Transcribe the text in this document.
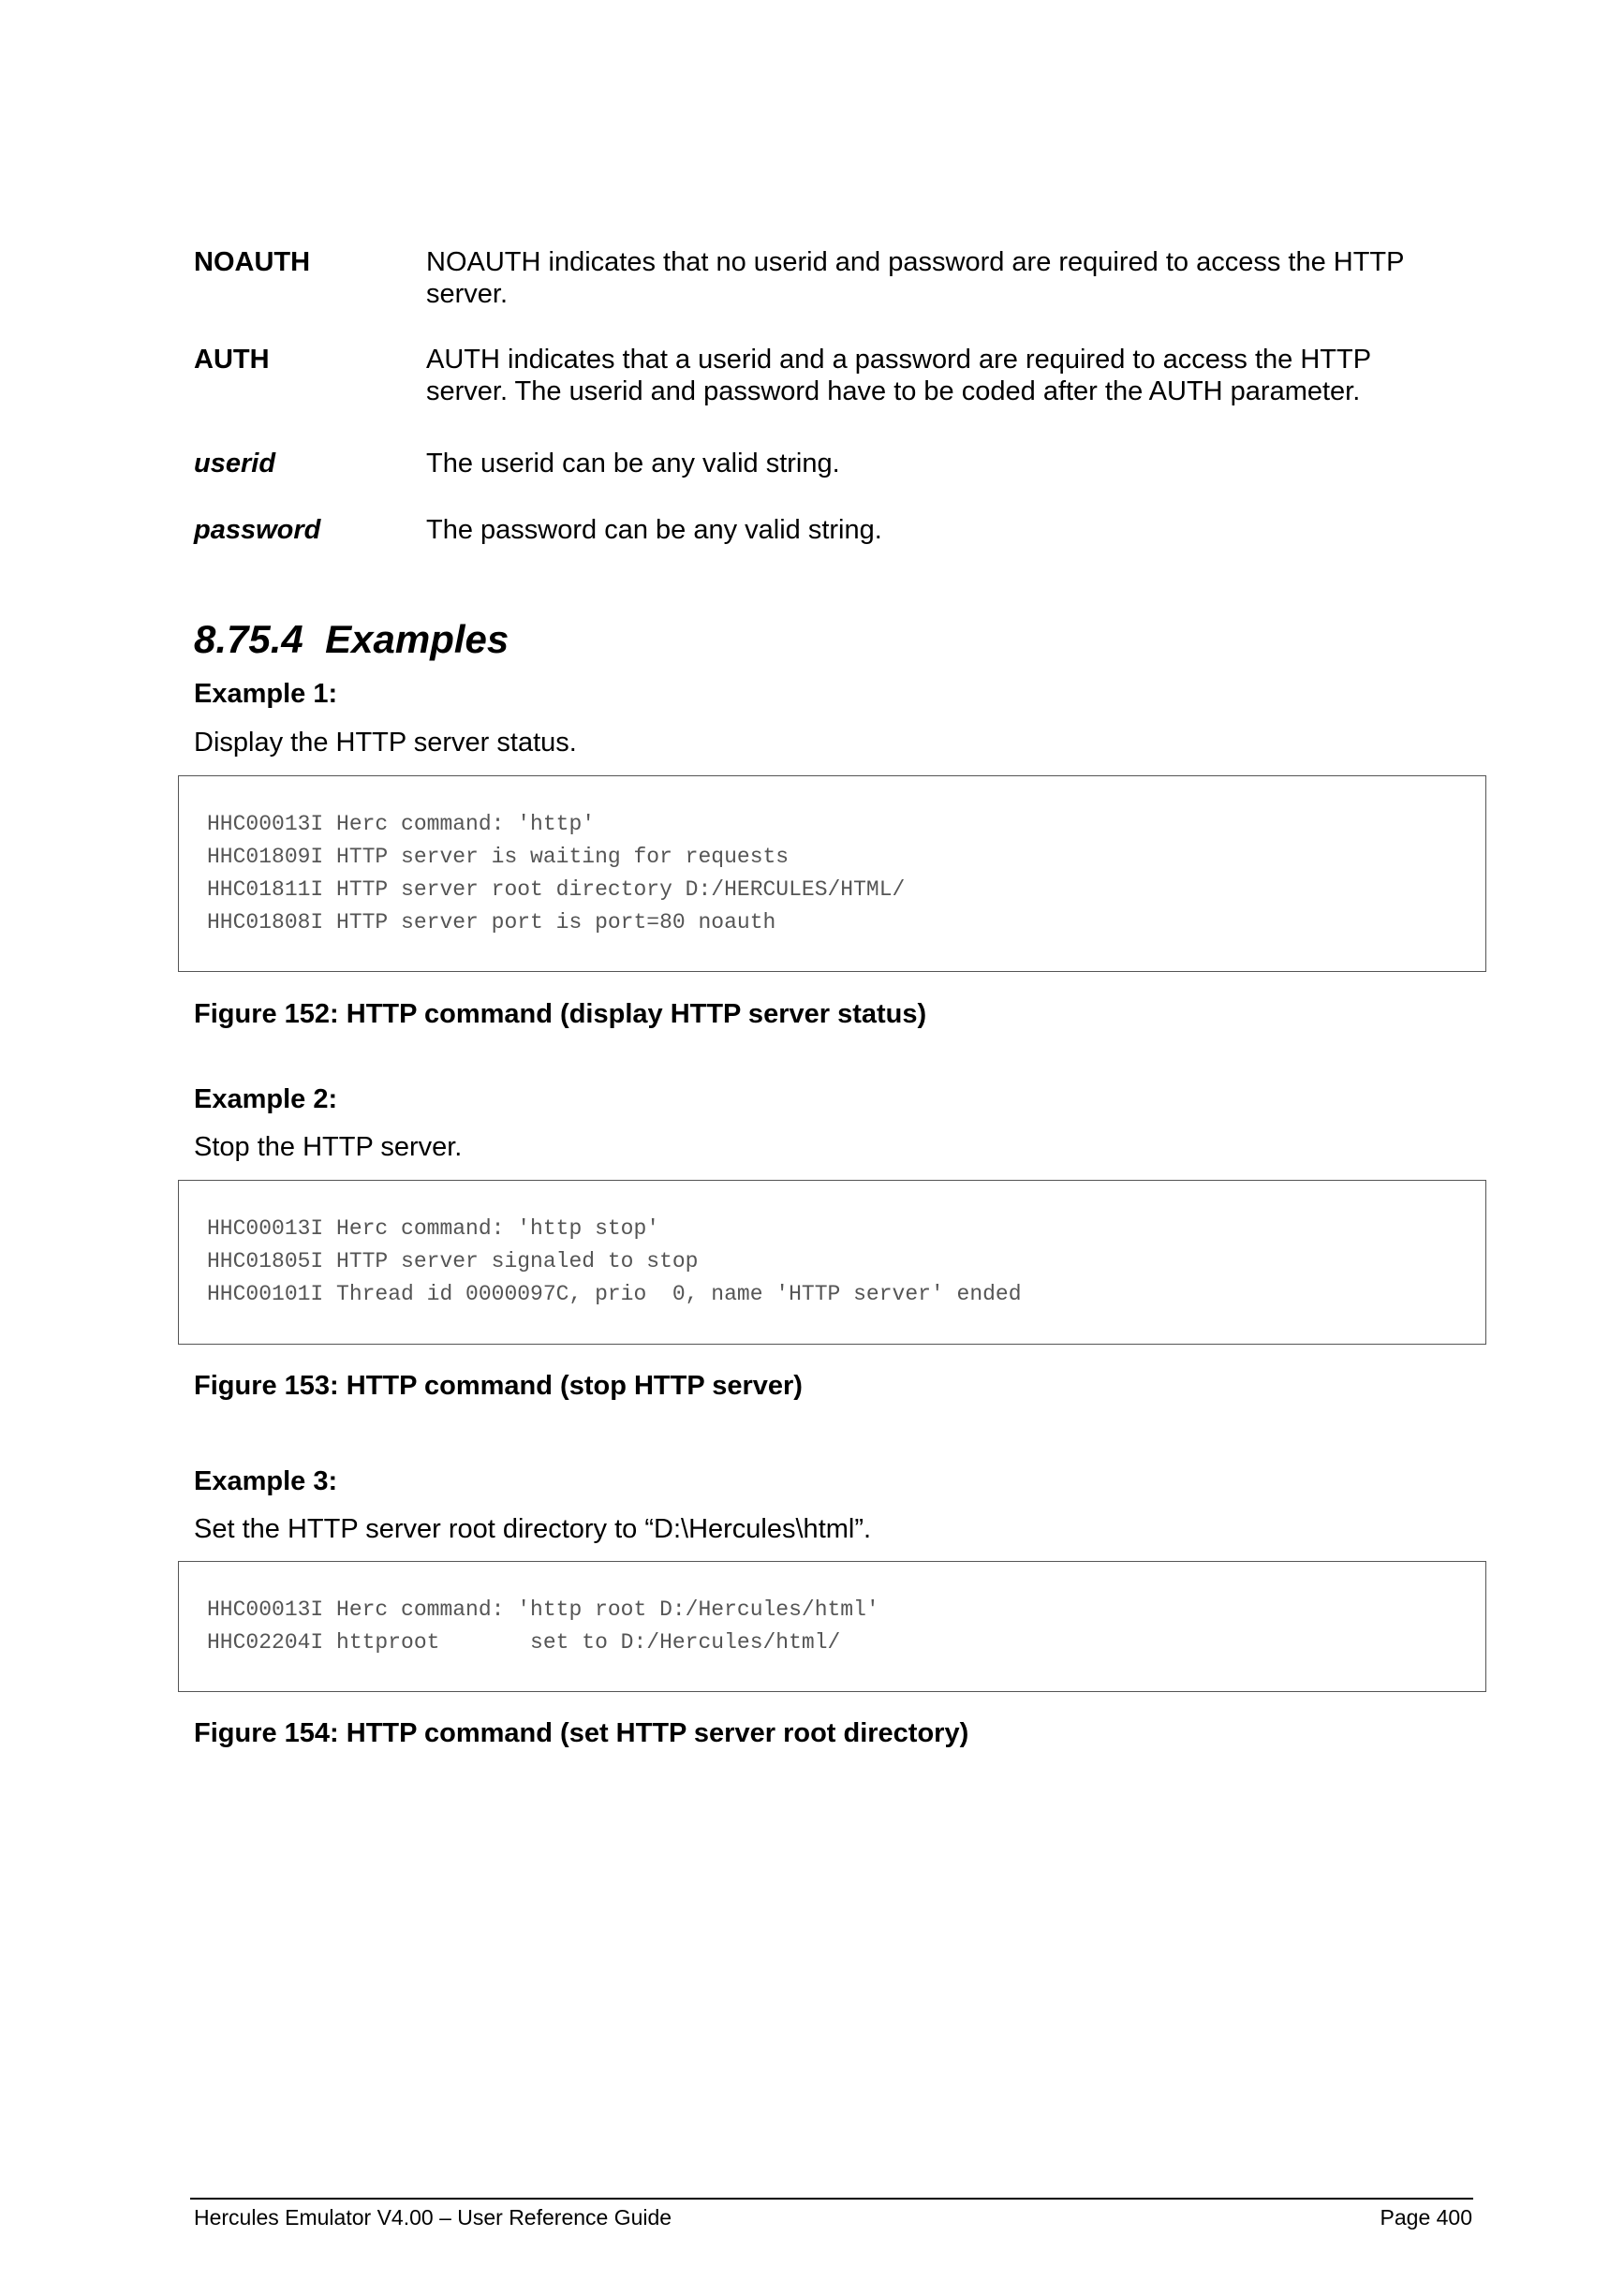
NOAUTH	NOAUTH indicates that no userid and password are required to access the HTTP
server.
AUTH	AUTH indicates that a userid and a password are required to access the HTTP
server. The userid and password have to be coded after the AUTH parameter.
userid	The userid can be any valid string.
password	The password can be any valid string.
8.75.4 Examples
Example 1:
Display the HTTP server status.
HHC00013I Herc command: 'http'
HHC01809I HTTP server is waiting for requests
HHC01811I HTTP server root directory D:/HERCULES/HTML/
HHC01808I HTTP server port is port=80 noauth
Figure 152: HTTP command (display HTTP server status)
Example 2:
Stop the HTTP server.
HHC00013I Herc command: 'http stop'
HHC01805I HTTP server signaled to stop
HHC00101I Thread id 0000097C, prio  0, name 'HTTP server' ended
Figure 153: HTTP command (stop HTTP server)
Example 3:
Set the HTTP server root directory to “D:\Hercules\html”.
HHC00013I Herc command: 'http root D:/Hercules/html'
HHC02204I httproot       set to D:/Hercules/html/
Figure 154: HTTP command (set HTTP server root directory)
Hercules Emulator V4.00 – User Reference Guide	Page 400
